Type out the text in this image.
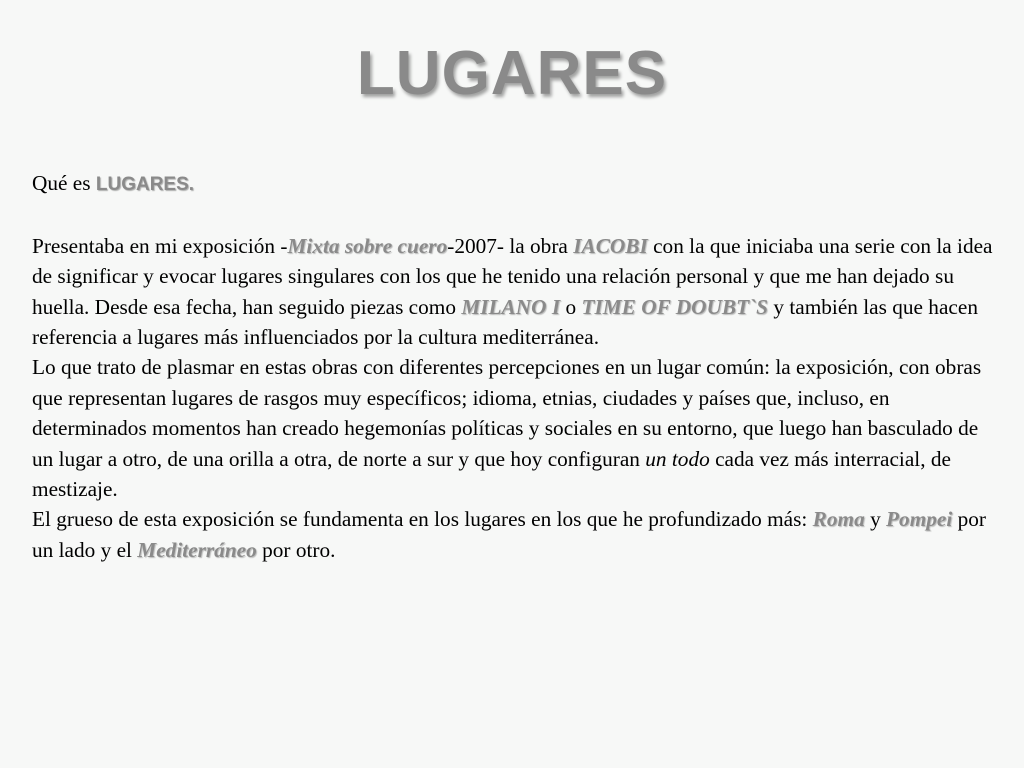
LUGARES

Qué es LUGARES.

Presentaba en mi exposición -Mixta sobre cuero-2007- la obra IACOBI con la que iniciaba una serie con la idea de significar y evocar lugares singulares con los que he tenido una relación personal y que me han dejado su huella. Desde esa fecha, han seguido piezas como MILANO I o TIME OF DOUBT`S y también las que hacen referencia a lugares más influenciados por la cultura mediterránea.

Lo que trato de plasmar en estas obras con diferentes percepciones en un lugar común: la exposición, con obras que representan lugares de rasgos muy específicos; idioma, etnias, ciudades y países que, incluso, en determinados momentos han creado hegemonías políticas y sociales en su entorno, que luego han basculado de un lugar a otro, de una orilla a otra, de norte a sur y que hoy configuran un todo cada vez más interracial, de mestizaje.

El grueso de esta exposición se fundamenta en los lugares en los que he profundizado más: Roma y Pompei por un lado y el Mediterráneo por otro.
